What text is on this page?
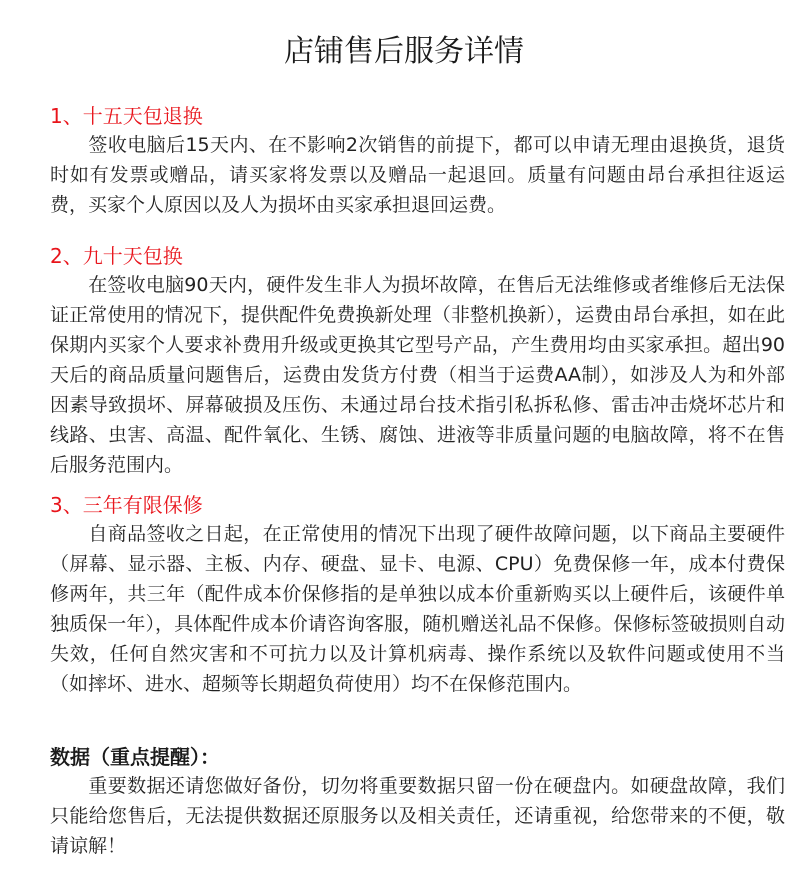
店铺售后服务详情
1、十五天包退换
签收电脑后15天内、在不影响2次销售的前提下，都可以申请无理由退换货，退货时如有发票或赠品，请买家将发票以及赠品一起退回。质量有问题由昂台承担往返运费，买家个人原因以及人为损坏由买家承担退回运费。
2、九十天包换
在签收电脑90天内，硬件发生非人为损坏故障，在售后无法维修或者维修后无法保证正常使用的情况下，提供配件免费换新处理（非整机换新），运费由昂台承担，如在此保期内买家个人要求补费用升级或更换其它型号产品，产生费用均由买家承担。超出90天后的商品质量问题售后，运费由发货方付费（相当于运费AA制），如涉及人为和外部因素导致损坏、屏幕破损及压伤、未通过昂台技术指引私拆私修、雷击冲击烧坏芯片和线路、虫害、高温、配件氧化、生锈、腐蚀、进液等非质量问题的电脑故障，将不在售后服务范围内。
3、三年有限保修
自商品签收之日起，在正常使用的情况下出现了硬件故障问题，以下商品主要硬件（屏幕、显示器、主板、内存、硬盘、显卡、电源、CPU）免费保修一年，成本付费保修两年，共三年（配件成本价保修指的是单独以成本价重新购买以上硬件后，该硬件单独质保一年），具体配件成本价请咨询客服，随机赠送礼品不保修。保修标签破损则自动失效，任何自然灾害和不可抗力以及计算机病毒、操作系统以及软件问题或使用不当（如摔坏、进水、超频等长期超负荷使用）均不在保修范围内。
数据（重点提醒）：
重要数据还请您做好备份，切勿将重要数据只留一份在硬盘内。如硬盘故障，我们只能给您售后，无法提供数据还原服务以及相关责任，还请重视，给您带来的不便，敬请谅解！
